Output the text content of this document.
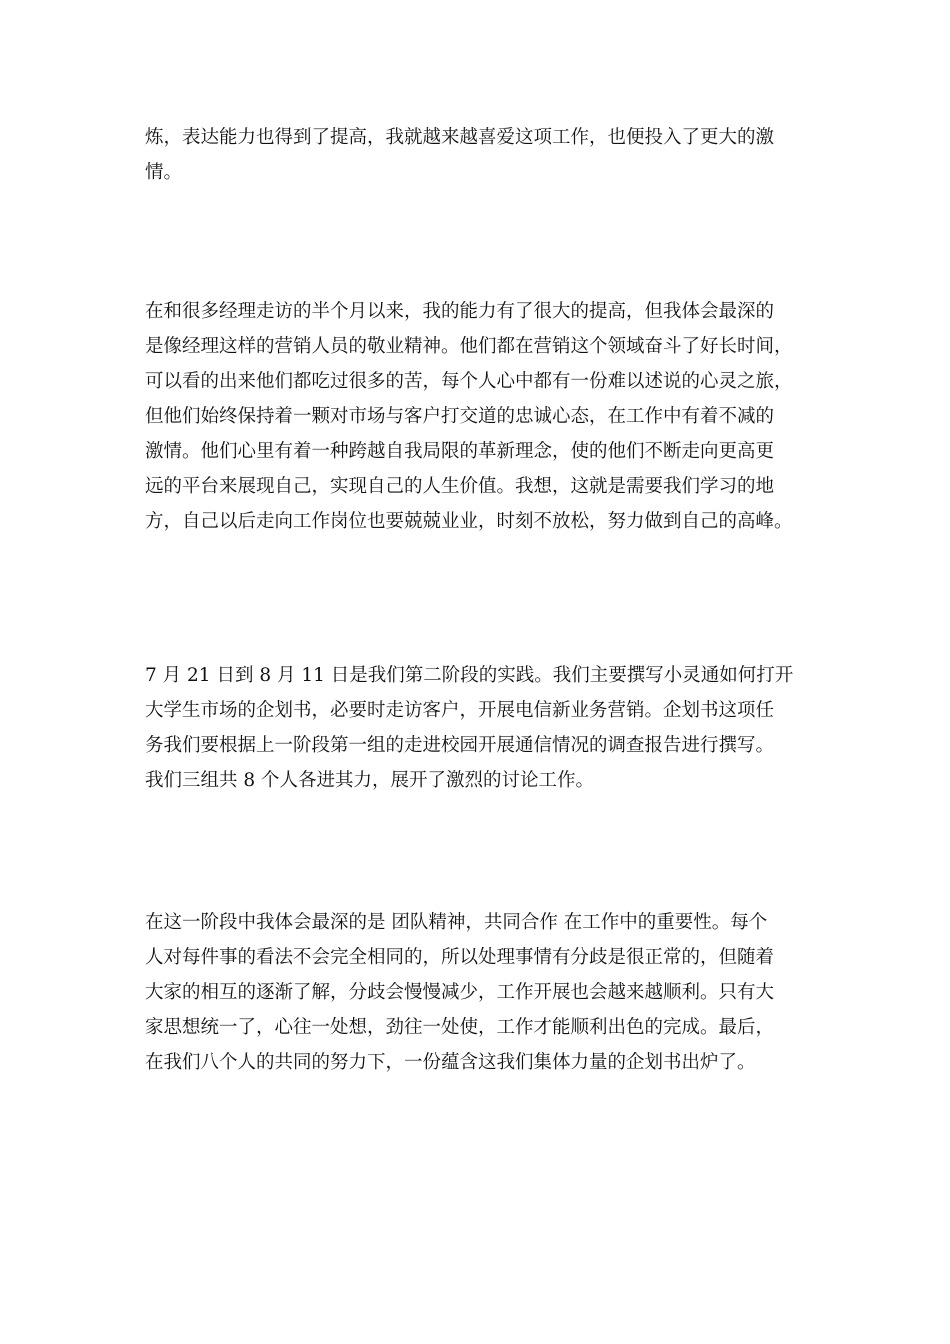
炼，表达能力也得到了提高，我就越来越喜爱这项工作，也便投入了更大的激
情。
在和很多经理走访的半个月以来，我的能力有了很大的提高，但我体会最深的
是像经理这样的营销人员的敬业精神。他们都在营销这个领域奋斗了好长时间，
可以看的出来他们都吃过很多的苦，每个人心中都有一份难以述说的心灵之旅，
但他们始终保持着一颗对市场与客户打交道的忠诚心态，在工作中有着不减的
激情。他们心里有着一种跨越自我局限的革新理念，使的他们不断走向更高更
远的平台来展现自己，实现自己的人生价值。我想，这就是需要我们学习的地
方，自己以后走向工作岗位也要兢兢业业，时刻不放松，努力做到自己的高峰。
7 月 21 日到 8 月 11 日是我们第二阶段的实践。我们主要撰写小灵通如何打开
大学生市场的企划书，必要时走访客户，开展电信新业务营销。企划书这项任
务我们要根据上一阶段第一组的走进校园开展通信情况的调查报告进行撰写。
我们三组共 8 个人各进其力，展开了激烈的讨论工作。
在这一阶段中我体会最深的是 团队精神，共同合作 在工作中的重要性。每个
人对每件事的看法不会完全相同的，所以处理事情有分歧是很正常的，但随着
大家的相互的逐渐了解，分歧会慢慢减少，工作开展也会越来越顺利。只有大
家思想统一了，心往一处想，劲往一处使，工作才能顺利出色的完成。最后，
在我们八个人的共同的努力下，一份蕴含这我们集体力量的企划书出炉了。
